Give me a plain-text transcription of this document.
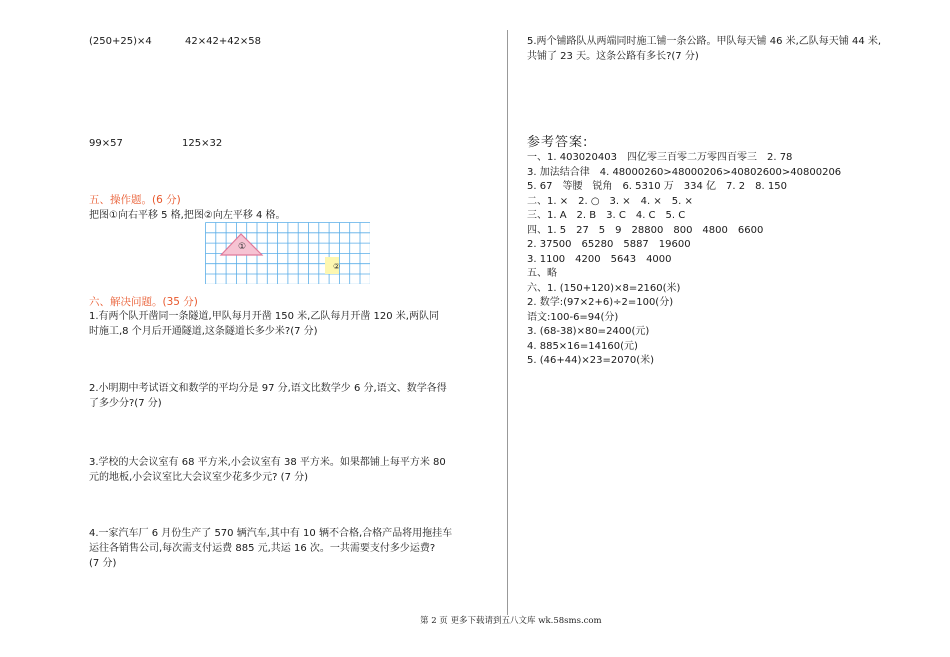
(250+25)×4	42×42+42×58
99×57	125×32
五、操作题。(6 分)
把图①向右平移 5 格,把图②向左平移 4 格。
①
②
六、解决问题。(35 分)
1.有两个队开凿同一条隧道,甲队每月开凿 150 米,乙队每月开凿 120 米,两队同
时施工,8 个月后开通隧道,这条隧道长多少米?(7 分)
2.小明期中考试语文和数学的平均分是 97 分,语文比数学少 6 分,语文、数学各得
了多少分?(7 分)
3.学校的大会议室有 68 平方米,小会议室有 38 平方米。如果都铺上每平方米 80
元的地板,小会议室比大会议室少花多少元? (7 分)
4.一家汽车厂 6 月份生产了 570 辆汽车,其中有 10 辆不合格,合格产品将用拖挂车
运往各销售公司,每次需支付运费 885 元,共运 16 次。一共需要支付多少运费?
(7 分)
5.两个铺路队从两端同时施工铺一条公路。甲队每天铺 46 米,乙队每天铺 44 米,
共铺了 23 天。这条公路有多长?(7 分)
参考答案:
一、1. 403020403　四亿零三百零二万零四百零三　2. 78
3. 加法结合律　4. 48000260>48000206>40802600>40800206
5. 67　等腰　锐角　6. 5310 万　334 亿　7. 2　8. 150
二、1. ×　2. ○　3. ×　4. ×　5. ×
三、1. A　2. B　3. C　4. C　5. C
四、1. 5　27　5　9　28800　800　4800　6600
2. 37500　65280　5887　19600
3. 1100　4200　5643　4000
五、略
六、1. (150+120)×8=2160(米)
2. 数学:(97×2+6)÷2=100(分)
语文:100-6=94(分)
3. (68-38)×80=2400(元)
4. 885×16=14160(元)
5. (46+44)×23=2070(米)
第 2 页 更多下载请到五八文库 wk.58sms.com
